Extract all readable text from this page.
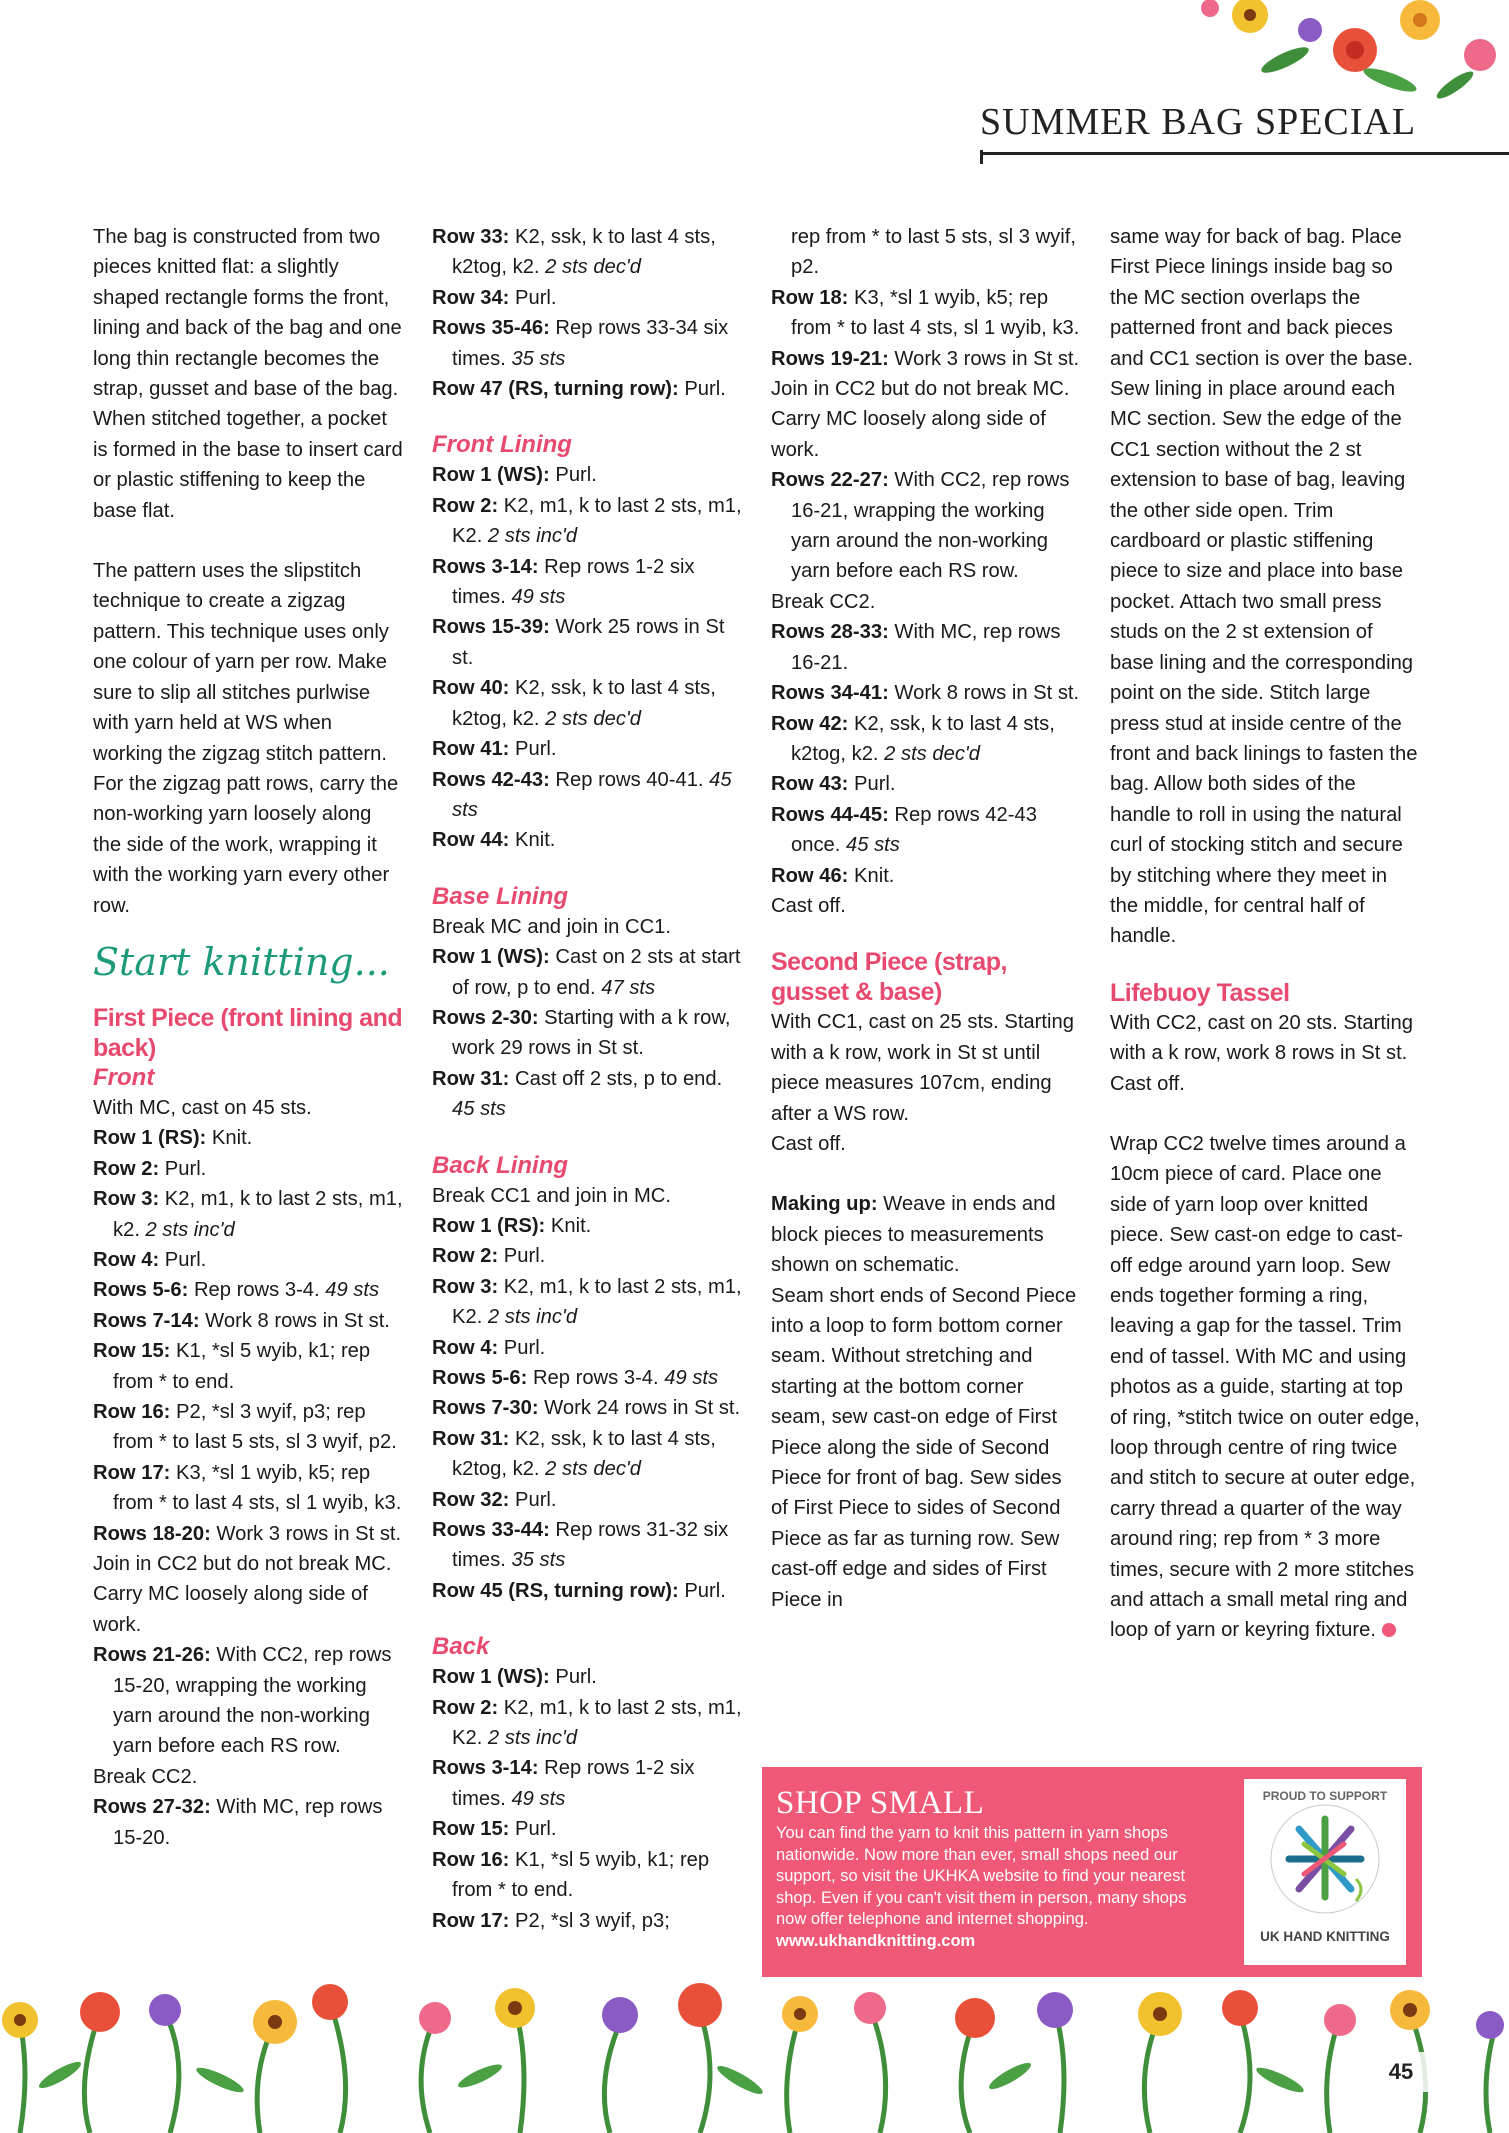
SUMMER BAG SPECIAL

The bag is constructed from two pieces knitted flat: a slightly shaped rectangle forms the front, lining and back of the bag and one long thin rectangle becomes the strap, gusset and base of the bag. When stitched together, a pocket is formed in the base to insert card or plastic stiffening to keep the base flat.

The pattern uses the slipstitch technique to create a zigzag pattern. This technique uses only one colour of yarn per row. Make sure to slip all stitches purlwise with yarn held at WS when working the zigzag stitch pattern. For the zigzag patt rows, carry the non-working yarn loosely along the side of the work, wrapping it with the working yarn every other row.

Start knitting...

First Piece (front lining and back)

Front

With MC, cast on 45 sts.

Row 1 (RS): Knit.

Row 2: Purl.

Row 3: K2, m1, k to last 2 sts, m1, k2. 2 sts inc'd

Row 4: Purl.

Rows 5-6: Rep rows 3-4. 49 sts

Rows 7-14: Work 8 rows in St st.

Row 15: K1, *sl 5 wyib, k1; rep from * to end.

Row 16: P2, *sl 3 wyif, p3; rep from * to last 5 sts, sl 3 wyif, p2.

Row 17: K3, *sl 1 wyib, k5; rep from * to last 4 sts, sl 1 wyib, k3.

Rows 18-20: Work 3 rows in St st.

Join in CC2 but do not break MC. Carry MC loosely along side of work.

Rows 21-26: With CC2, rep rows 15-20, wrapping the working yarn around the non-working yarn before each RS row.

Break CC2.

Rows 27-32: With MC, rep rows 15-20.

Row 33: K2, ssk, k to last 4 sts, k2tog, k2. 2 sts dec'd

Row 34: Purl.

Rows 35-46: Rep rows 33-34 six times. 35 sts

Row 47 (RS, turning row): Purl.

Front Lining

Row 1 (WS): Purl.

Row 2: K2, m1, k to last 2 sts, m1, K2. 2 sts inc'd

Rows 3-14: Rep rows 1-2 six times. 49 sts

Rows 15-39: Work 25 rows in St st.

Row 40: K2, ssk, k to last 4 sts, k2tog, k2. 2 sts dec'd

Row 41: Purl.

Rows 42-43: Rep rows 40-41. 45 sts

Row 44: Knit.

Base Lining

Break MC and join in CC1.

Row 1 (WS): Cast on 2 sts at start of row, p to end. 47 sts

Rows 2-30: Starting with a k row, work 29 rows in St st.

Row 31: Cast off 2 sts, p to end. 45 sts

Back Lining

Break CC1 and join in MC.

Row 1 (RS): Knit.

Row 2: Purl.

Row 3: K2, m1, k to last 2 sts, m1, K2. 2 sts inc'd

Row 4: Purl.

Rows 5-6: Rep rows 3-4. 49 sts

Rows 7-30: Work 24 rows in St st.

Row 31: K2, ssk, k to last 4 sts, k2tog, k2. 2 sts dec'd

Row 32: Purl.

Rows 33-44: Rep rows 31-32 six times. 35 sts

Row 45 (RS, turning row): Purl.

Back

Row 1 (WS): Purl.

Row 2: K2, m1, k to last 2 sts, m1, K2. 2 sts inc'd

Rows 3-14: Rep rows 1-2 six times. 49 sts

Row 15: Purl.

Row 16: K1, *sl 5 wyib, k1; rep from * to end.

Row 17: P2, *sl 3 wyif, p3;

rep from * to last 5 sts, sl 3 wyif, p2.

Row 18: K3, *sl 1 wyib, k5; rep from * to last 4 sts, sl 1 wyib, k3.

Rows 19-21: Work 3 rows in St st.

Join in CC2 but do not break MC. Carry MC loosely along side of work.

Rows 22-27: With CC2, rep rows 16-21, wrapping the working yarn around the non-working yarn before each RS row.

Break CC2.

Rows 28-33: With MC, rep rows 16-21.

Rows 34-41: Work 8 rows in St st.

Row 42: K2, ssk, k to last 4 sts, k2tog, k2. 2 sts dec'd

Row 43: Purl.

Rows 44-45: Rep rows 42-43 once. 45 sts

Row 46: Knit.

Cast off.

Second Piece (strap, gusset & base)

With CC1, cast on 25 sts. Starting with a k row, work in St st until piece measures 107cm, ending after a WS row.

Cast off.

Making up: Weave in ends and block pieces to measurements shown on schematic.

Seam short ends of Second Piece into a loop to form bottom corner seam. Without stretching and starting at the bottom corner seam, sew cast-on edge of First Piece along the side of Second Piece for front of bag. Sew sides of First Piece to sides of Second Piece as far as turning row. Sew cast-off edge and sides of First Piece in

same way for back of bag. Place First Piece linings inside bag so the MC section overlaps the patterned front and back pieces and CC1 section is over the base. Sew lining in place around each MC section. Sew the edge of the CC1 section without the 2 st extension to base of bag, leaving the other side open. Trim cardboard or plastic stiffening piece to size and place into base pocket. Attach two small press studs on the 2 st extension of base lining and the corresponding point on the side. Stitch large press stud at inside centre of the front and back linings to fasten the bag. Allow both sides of the handle to roll in using the natural curl of stocking stitch and secure by stitching where they meet in the middle, for central half of handle.

Lifebuoy Tassel

With CC2, cast on 20 sts. Starting with a k row, work 8 rows in St st.

Cast off.

Wrap CC2 twelve times around a 10cm piece of card. Place one side of yarn loop over knitted piece. Sew cast-on edge to cast-off edge around yarn loop. Sew ends together forming a ring, leaving a gap for the tassel. Trim end of tassel. With MC and using photos as a guide, starting at top of ring, *stitch twice on outer edge, loop through centre of ring twice and stitch to secure at outer edge, carry thread a quarter of the way around ring; rep from * 3 more times, secure with 2 more stitches and attach a small metal ring and loop of yarn or keyring fixture.

SHOP SMALL
You can find the yarn to knit this pattern in yarn shops nationwide. Now more than ever, small shops need our support, so visit the UKHKA website to find your nearest shop. Even if you can't visit them in person, many shops now offer telephone and internet shopping. www.ukhandknitting.com
PROUD TO SUPPORT
UK HAND KNITTING
45
